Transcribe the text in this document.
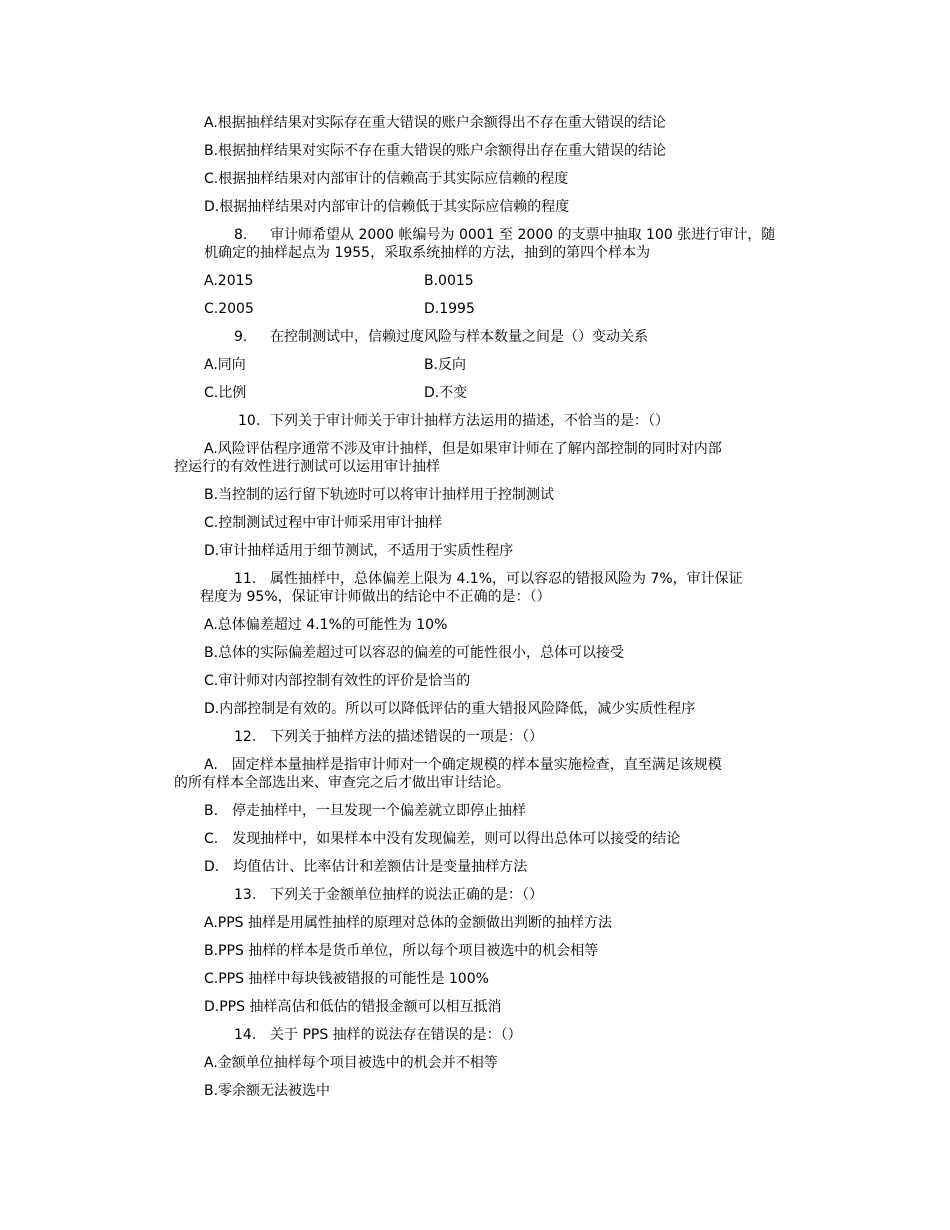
A.根据抽样结果对实际存在重大错误的账户余额得出不存在重大错误的结论
B.根据抽样结果对实际不存在重大错误的账户余额得出存在重大错误的结论
C.根据抽样结果对内部审计的信赖高于其实际应信赖的程度
D.根据抽样结果对内部审计的信赖低于其实际应信赖的程度
8. 审计师希望从 2000 帐编号为 0001 至 2000 的支票中抽取 100 张进行审计，随
机确定的抽样起点为 1955，采取系统抽样的方法，抽到的第四个样本为
A.2015	B.0015
C.2005	D.1995
9. 在控制测试中，信赖过度风险与样本数量之间是（）变动关系
A.同向	B.反向
C.比例	D.不变
10. 下列关于审计师关于审计抽样方法运用的描述，不恰当的是：（）
A.风险评估程序通常不涉及审计抽样，但是如果审计师在了解内部控制的同时对内部
控运行的有效性进行测试可以运用审计抽样
B.当控制的运行留下轨迹时可以将审计抽样用于控制测试
C.控制测试过程中审计师采用审计抽样
D.审计抽样适用于细节测试，不适用于实质性程序
11. 属性抽样中，总体偏差上限为 4.1%，可以容忍的错报风险为 7%，审计保证
程度为 95%，保证审计师做出的结论中不正确的是：（）
A.总体偏差超过 4.1%的可能性为 10%
B.总体的实际偏差超过可以容忍的偏差的可能性很小，总体可以接受
C.审计师对内部控制有效性的评价是恰当的
D.内部控制是有效的。所以可以降低评估的重大错报风险降低，减少实质性程序
12. 下列关于抽样方法的描述错误的一项是：（）
A.　固定样本量抽样是指审计师对一个确定规模的样本量实施检查，直至满足该规模
的所有样本全部选出来、审查完之后才做出审计结论。
B.　停走抽样中，一旦发现一个偏差就立即停止抽样
C.　发现抽样中，如果样本中没有发现偏差，则可以得出总体可以接受的结论
D.　均值估计、比率估计和差额估计是变量抽样方法
13. 下列关于金额单位抽样的说法正确的是：（）
A.PPS 抽样是用属性抽样的原理对总体的金额做出判断的抽样方法
B.PPS 抽样的样本是货币单位，所以每个项目被选中的机会相等
C.PPS 抽样中每块钱被错报的可能性是 100%
D.PPS 抽样高估和低估的错报金额可以相互抵消
14. 关于 PPS 抽样的说法存在错误的是：（）
A.金额单位抽样每个项目被选中的机会并不相等
B.零余额无法被选中
